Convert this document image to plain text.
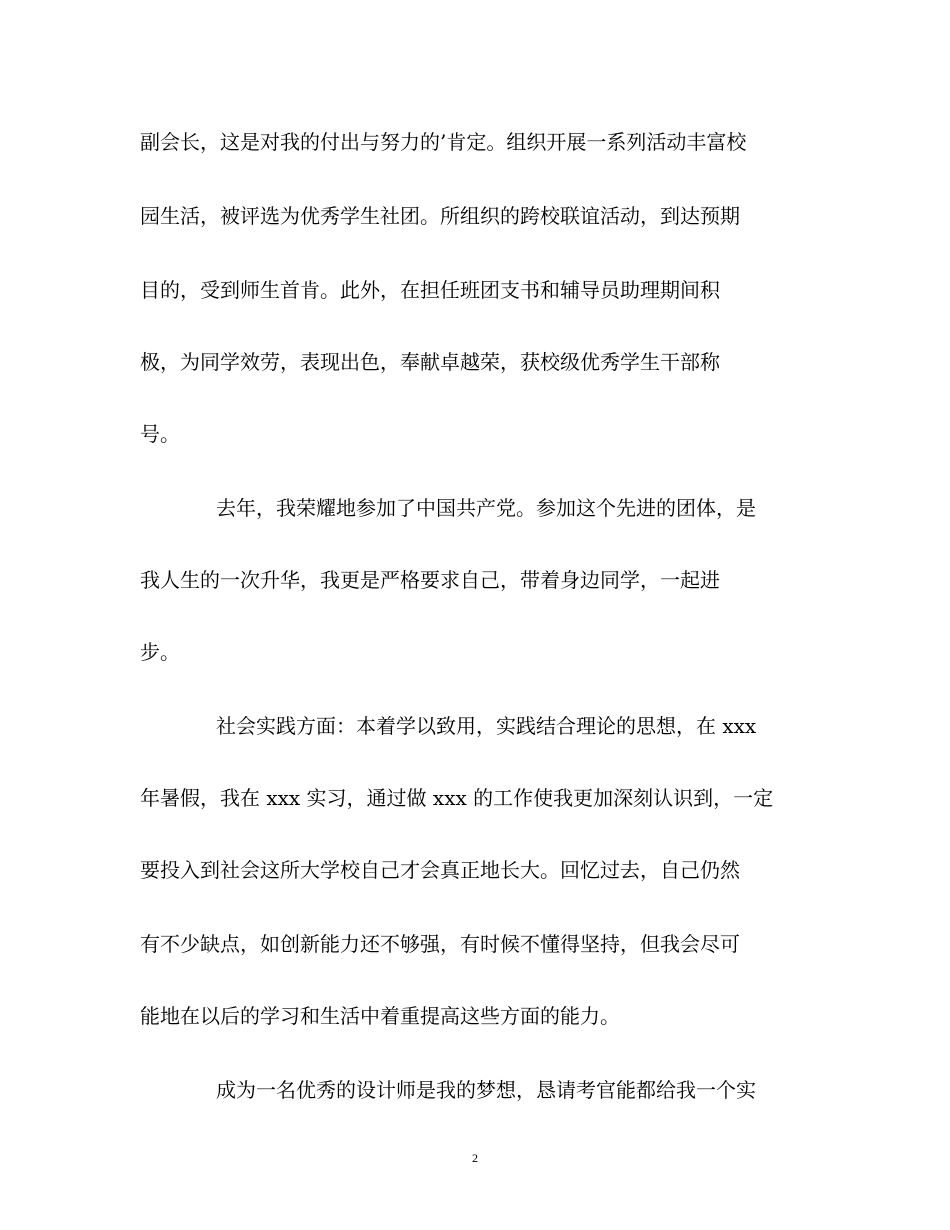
副会长，这是对我的付出与努力的’肯定。组织开展一系列活动丰富校
园生活，被评选为优秀学生社团。所组织的跨校联谊活动，到达预期
目的，受到师生首肯。此外，在担任班团支书和辅导员助理期间积
极，为同学效劳，表现出色，奉献卓越荣，获校级优秀学生干部称
号。
去年，我荣耀地参加了中国共产党。参加这个先进的团体，是
我人生的一次升华，我更是严格要求自己，带着身边同学，一起进
步。
社会实践方面：本着学以致用，实践结合理论的思想，在 xxx
年暑假，我在 xxx 实习，通过做 xxx 的工作使我更加深刻认识到，一定
要投入到社会这所大学校自己才会真正地长大。回忆过去，自己仍然
有不少缺点，如创新能力还不够强，有时候不懂得坚持，但我会尽可
能地在以后的学习和生活中着重提高这些方面的能力。
成为一名优秀的设计师是我的梦想，恳请考官能都给我一个实
2
